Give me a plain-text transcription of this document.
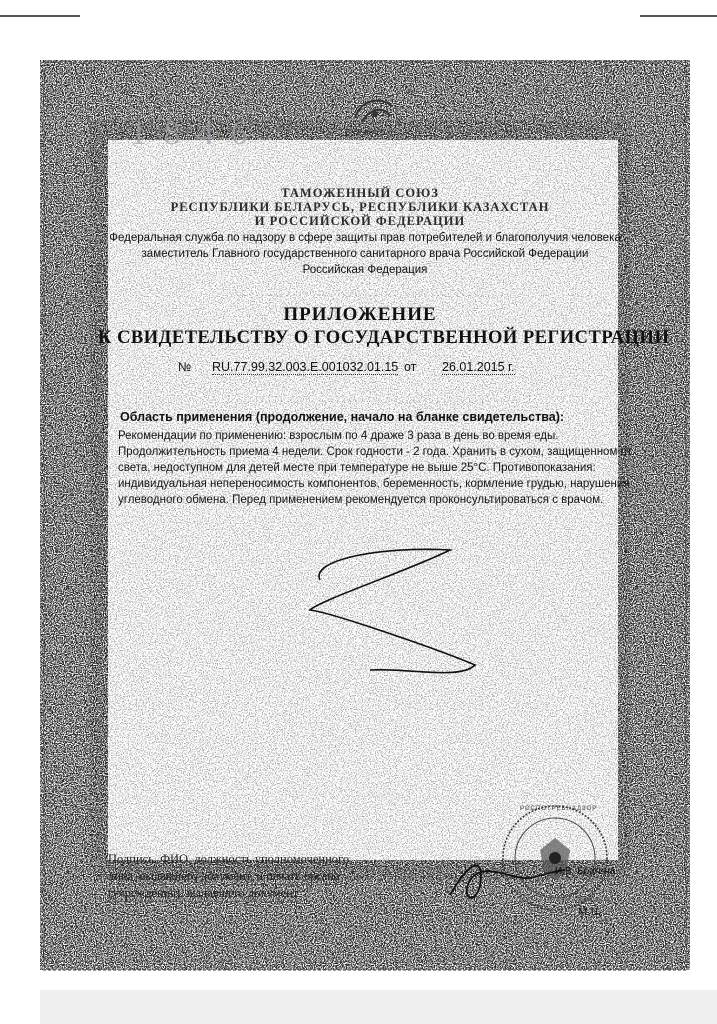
БУРАЗУС
1 8 4 6
ТАМОЖЕННЫЙ СОЮЗ
РЕСПУБЛИКИ БЕЛАРУСЬ, РЕСПУБЛИКИ КАЗАХСТАН
И РОССИЙСКОЙ ФЕДЕРАЦИИ
Федеральная служба по надзору в сфере защиты прав потребителей и благополучия человека
заместитель Главного государственного санитарного врача Российской Федерации
Российская Федерация
· · · · · · · · · · · · · · · · · · · · · · · · · · · · · · · · · · · · · · · · · · · · ·
ПРИЛОЖЕНИЕ
К СВИДЕТЕЛЬСТВУ О ГОСУДАРСТВЕННОЙ РЕГИСТРАЦИИ
№ RU.77.99.32.003.Е.001032.01.15 от 26.01.2015 г.
· · · · · · · · · · · · · · · · · · · · · · · · · · · · · · · · · · · · · · · · · · · · ·
Область применения (продолжение, начало на бланке свидетельства):
Рекомендации по применению: взрослым по 4 драже 3 раза в день во время еды.
Продолжительность приема 4 недели. Срок годности - 2 года. Хранить в сухом, защищенном от
света, недоступном для детей месте при температуре не выше 25°С. Противопоказания:
индивидуальная непереносимость компонентов, беременность, кормление грудью, нарушения
углеводного обмена. Перед применением рекомендуется проконсультироваться с врачом.
Подпись, ФИО, должность уполномоченного
лица, выдавшего документ, и печать органа
(учреждения), выдавшего документ
РОСПОТРЕБНАДЗОР
И.В. Брагина
(Ф.И.О., должность)
М.П.
